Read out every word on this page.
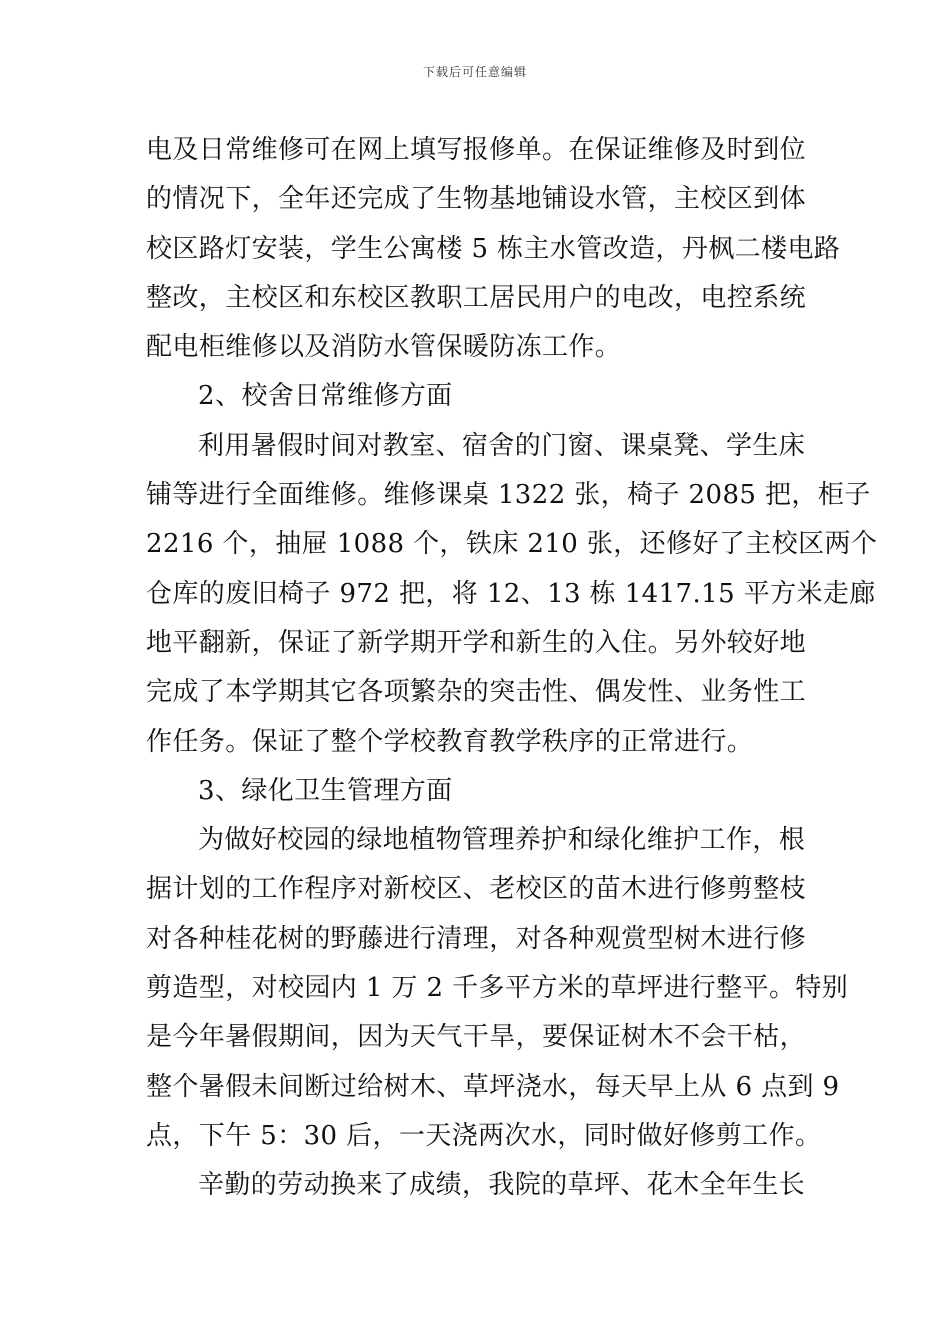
下载后可任意编辑
电及日常维修可在网上填写报修单。在保证维修及时到位
的情况下，全年还完成了生物基地铺设水管，主校区到体
校区路灯安装，学生公寓楼 5 栋主水管改造，丹枫二楼电路
整改，主校区和东校区教职工居民用户的电改，电控系统
配电柜维修以及消防水管保暖防冻工作。
2、校舍日常维修方面
利用暑假时间对教室、宿舍的门窗、课桌凳、学生床
铺等进行全面维修。维修课桌 1322 张，椅子 2085 把，柜子
2216 个，抽屉 1088 个，铁床 210 张，还修好了主校区两个
仓库的废旧椅子 972 把，将 12、13 栋 1417.15 平方米走廊
地平翻新，保证了新学期开学和新生的入住。另外较好地
完成了本学期其它各项繁杂的突击性、偶发性、业务性工
作任务。保证了整个学校教育教学秩序的正常进行。
3、绿化卫生管理方面
为做好校园的绿地植物管理养护和绿化维护工作，根
据计划的工作程序对新校区、老校区的苗木进行修剪整枝
对各种桂花树的野藤进行清理，对各种观赏型树木进行修
剪造型，对校园内 1 万 2 千多平方米的草坪进行整平。特别
是今年暑假期间，因为天气干旱，要保证树木不会干枯，
整个暑假未间断过给树木、草坪浇水，每天早上从 6 点到 9
点，下午 5：30 后，一天浇两次水，同时做好修剪工作。
辛勤的劳动换来了成绩，我院的草坪、花木全年生长
